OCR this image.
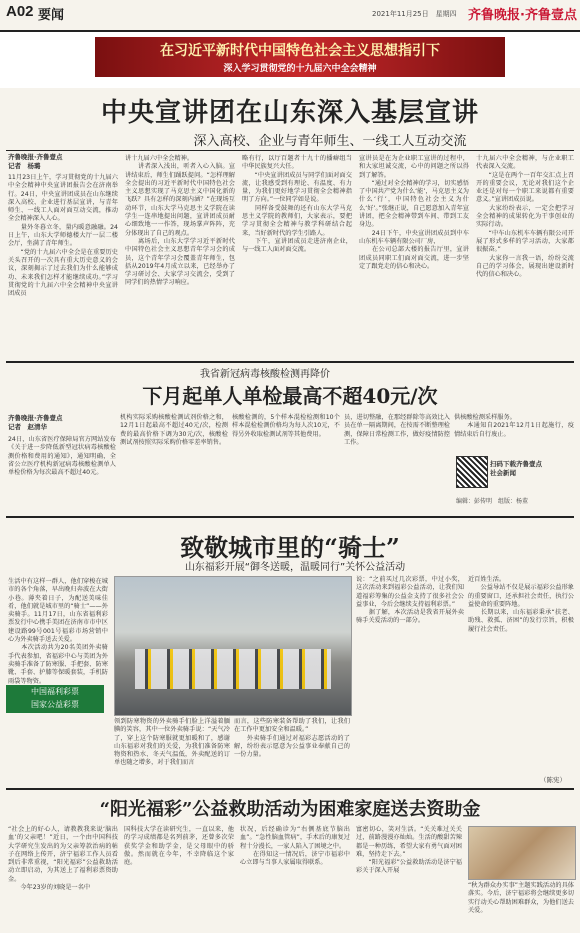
A02 要闻	2021年11月25日　星期四 齐鲁晚报·齐鲁壹点
在习近平新时代中国特色社会主义思想指引下
深入学习贯彻党的十九届六中全会精神
中央宣讲团在山东深入基层宣讲
深入高校、企业与青年师生、一线工人互动交流
齐鲁晚报·齐鲁壹点
记者　杨璐
11月23日上午，学习贯彻党的十九届六中全会精神中央宣讲团报告会在济南举行。24日，中央宣讲团成员在山东继续深入高校、企业进行基层宣讲，与青年师生、一线工人面对面互动交流，推动全会精神深入人心。
　　量外冬暮立冬，量内暖意融融。24日上午，山东大学师德楼大厅一层二楼会厅，坐满了青年师生。
　　“党的十九届六中全会是在重要历史关头召开的一次具有重大历史意义的会议，深刻揭示了过去我们为什么能够成功、未来我们怎样才能继续成功。”学习贯彻党的十九届六中全会精神中央宣讲团成员
讲十九届六中全会精神。
　　讲者深入浅出，听者入心入脑。宣讲结束后，师生们踊跃提问。“怎样理解全会提出的习近平新时代中国特色社会主义思想实现了马克思主义中国化新的飞跃？具有怎样的深刻内涵？”在现场互动环节，山东大学马克思主义学院在读学生一连串地提出问题，宣讲团成员耐心细致地一一作答，现场掌声阵阵，充分体现出了自己的观点。
　　离场后，山东大学学习近平新时代中国特色社会主义思想青年学习会的成员，这个青年学习会覆盖青年师生，包括从2019年4月成立以来，已经举办了学习研讨会、大家学习交流会，受到了同学们的热情学习响应。
略有行，以厅百题者十九十的播癖组当中华民族复兴大任。
　　“中央宣讲团成员与同学们面对面交流，让我感受到有理论、有温度、有力量，为我们更好地学习贯彻全会精神指明了方向。”一位同学如是说。
　　同样备受鼓舞的还有山东大学马克思主义学院的教师们，大家表示，要把学习贯彻全会精神与教学科研结合起来，当好新时代的学生引路人。
　　下午，宣讲团成员走进济南企业，与一线工人面对面交流。
宣讲员是在为企业职工宣讲的过程中，和大家坦诚交流，心中的问题之所以得到了解答。
　　“通过对全会精神的学习，切实感悟了中国共产党为什么‘能’，马克思主义为什么‘行’，中国特色社会主义为什么‘好’。”张继正说，自己愿意加入青年宣讲团，把全会精神带到车间、带到工友身边。
　　24日下午，中央宣讲团成员到中车山东机车车辆有限公司厂房，
　　在公司总部大楼的报告厅里，宣讲团成员同职工们面对面交流，进一步坚定了跟党走的信心和决心。
十九届六中全会精神，与企业职工代表深入交流。
　　“这是在两个一百年交汇点上召开的重要会议，无论对我们这个企业还是对每一个职工来说都有重要意义。”宣讲团成员说。
　　大家纷纷表示，一定会把学习全会精神的成果转化为干事创业的实际行动。
　　“中车山东机车车辆有限公司开展了形式多样的学习活动，大家都很振奋。”
　　大家你一言我一语，纷纷交流自己的学习体会，展现出建设新时代的信心和决心。
我省新冠病毒核酸检测再降价
下月起单人单检最高不超40元/次
齐鲁晚报·齐鲁壹点
记者　赵清华
24日，山东省医疗保障局官方网站发布《关于进一步降低新型冠状病毒核酸检测价格和费用的通知》，通知明确，全省公立医疗机构新冠病毒核酸检测单人单检价格为每次最高不超过40元。
机构实际采购核酸检测试剂价格之和，12月1日起最高不超过40元/次，检测费的最高价格下调为30元/次，核酸检测试剂按照实际采购价格零差率销售。
核酸检测的，5个样本混检检测和10个样本混检检测价格均为每人次10元，不得另外收取检测试剂等其他费用。
员，进切整融，在那经群除等高效比入员在单一隔离期间，在按需不断整理检测，保障日常检测工作，做好疫情防控工作。
供核酸检测采样服务。
　　本通知自2021年12月1日起施行，疫情结束后自行废止。
扫码下载齐鲁壹点
社会新闻
编辑：彭传明　组版：杨董
致敬城市里的“骑士”
山东福彩开展“御冬送暖，温暖同行”关怀公益活动
生活中有这样一群人，他们穿梭在城市的各个角落，早出晚归奔波在大街小巷。薄夹着日子，为配送美味佳肴，他们就是城市里的“骑士”——外卖骑手。11月17日，山东省福利彩票发行中心携手美团在济南市市中区建设路99号001号福彩市场营销中心为外卖骑手送去关爱。
　　本次活动共为20名美团外卖骑手代表参加，省福彩中心与美团为外卖骑手准备了防寒服、手把套、防寒靴、手套、护膝等保暖套装，手机防雨袋等物资。
中国福利彩票
国家公益彩票
领到防寒物资的外卖骑手们脸上洋溢着腼腆的笑容，其中一位外卖骑手说：“天气冷了，穿上这个防寒服就更加暖和了，感谢山东福彩对我们的关爱，为我们准备防寒物资和热水、冬天气温低，外卖配送的订单也随之增多，对于我们而言
而言，这些防寒装备帮助了我们，让我们在工作中更加安全和温暖。”
　　外卖骑手们通过对福彩志愿活动的了解，纷纷表示愿意为公益事业奉献自己的一份力量。
说：“之前买过几次彩票，中过小奖，这次活动来到福彩公益活动，让我们知道福彩筹集的公益金支持了很多社会公益事业，今后会继续支持福利彩票。”
　　据了解，本次活动是我省开展外卖骑手关爱活动的一部分。
近百姓生活。
　　公益导站不仅是展示福彩公益形象的重要窗口，还承担社会责任，执行公益使命的重要阵地。
　　长期以来，山东福彩秉承“扶老、助残、救孤、济困”的发行宗旨，积极履行社会责任。
（陈宪）
“阳光福彩”公益救助活动为困难家庭送去资助金
“社会上的好心人，请教教我来说‘脑出血’的父亲吧！”近日，一个由中国科技大学研究生发出的为父亲筹款治病的帖子在网络上传开，济宁福彩工作人员看到后非常重视，“阳光福彩”公益救助活动立即启动，为其送上了福利彩票资助金。
　　今年23岁的刘晓是一名中
国科技大学在读研究生，一直以来，他的学习成绩都是名列前茅，还曾多次荣获奖学金和助学金，是父母眼中的骄傲。然而就在今年，不幸降临这个家庭。
状况，后经确诊为“右侧基底节脑出血”。“急性脑血管病”，手术后的康复过程十分漫长，一家人陷入了困境之中。
　　在得知这一情况后，济宁市福彩中心立即与当事人家属取得联系。
富密切心，笑对生活。“关关难过关关过，前路漫漫亦灿灿。生活的酸甜苦辣都是一种历练，希望大家有勇气面对困难，坚持走下去。”
　　“阳光福彩”公益救助活动是济宁福彩关于深入开展
“秋为群众办实事”主题实践活动的具体落实。今后，济宁福彩将会继续更多切实行动关心帮助困难群众，为他们送去关爱。
